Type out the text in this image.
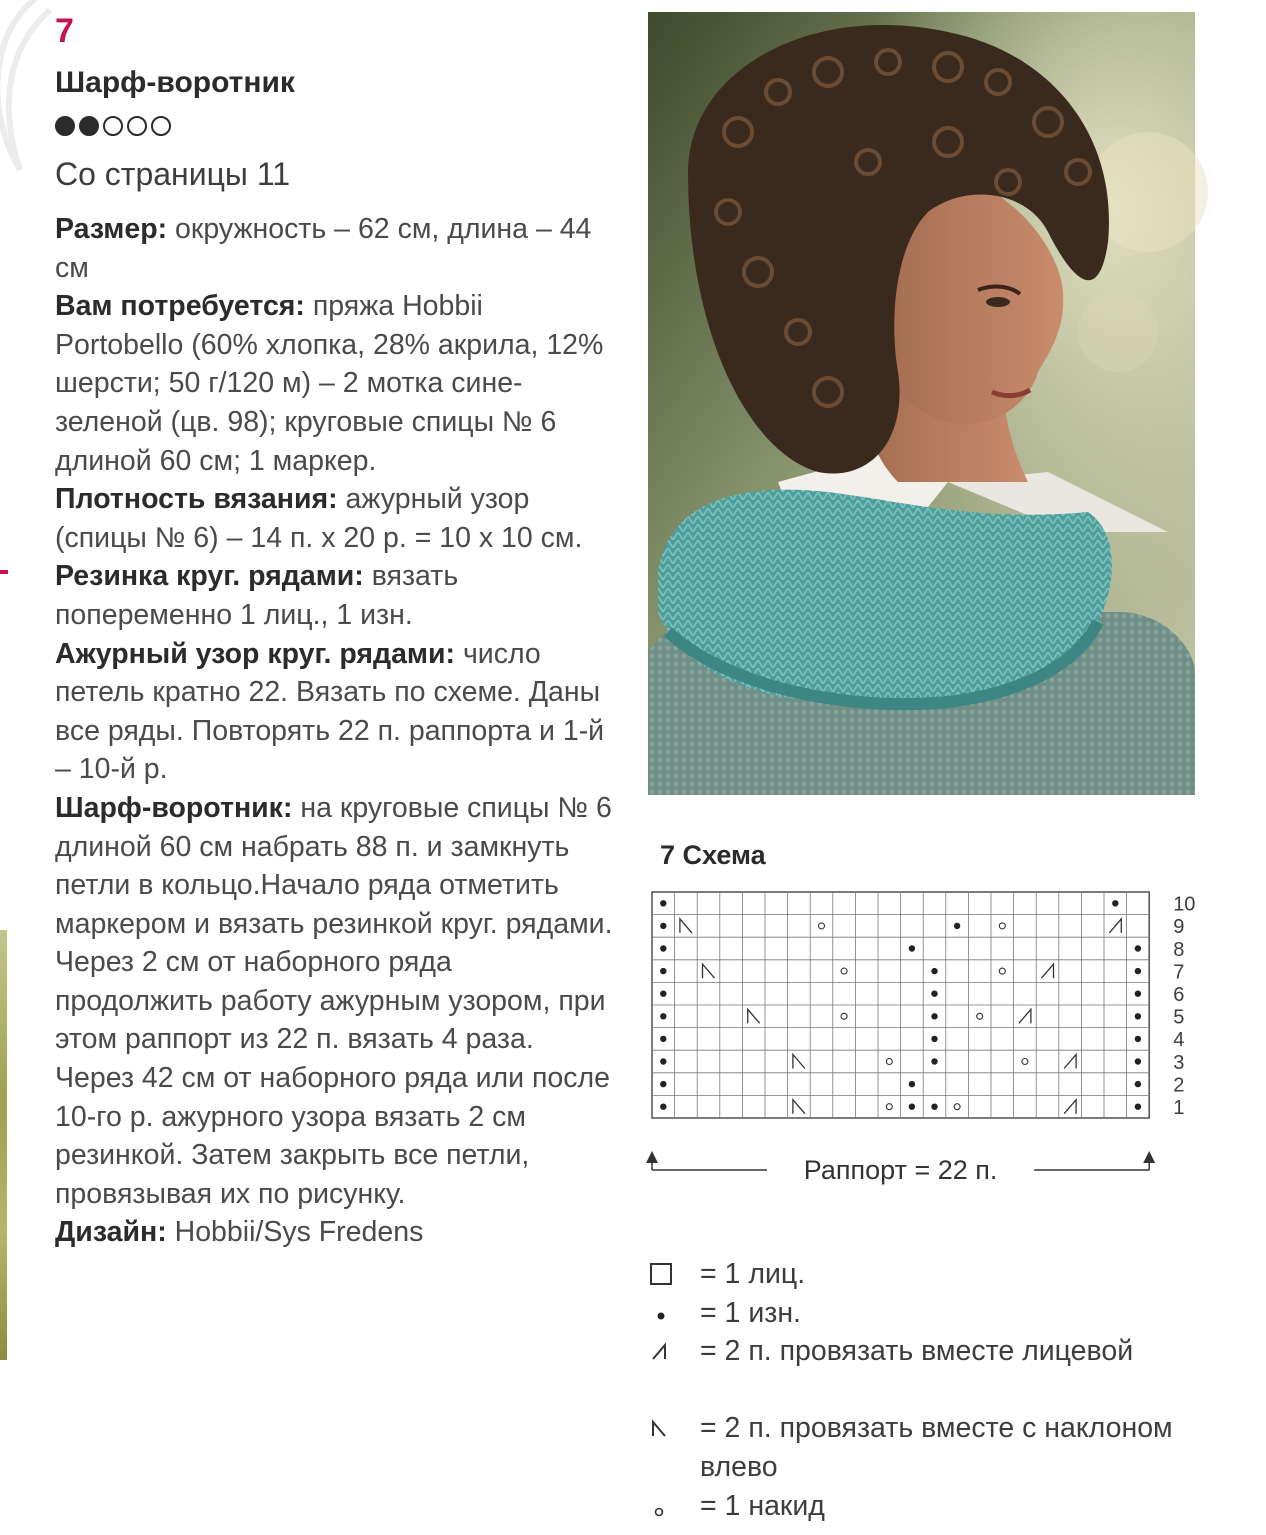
7
Шарф-воротник
Со страницы 11

Размер: окружность – 62 см, длина – 44 см

Вам потребуется: пряжа Hobbii Portobello (60% хлопка, 28% акрила, 12% шерсти; 50 г/120 м) – 2 мотка сине-зеленой (цв. 98); круговые спицы № 6 длиной 60 см; 1 маркер.

Плотность вязания: ажурный узор (спицы № 6) – 14 п. х 20 р. = 10 х 10 см.

Резинка круг. рядами: вязать попеременно 1 лиц., 1 изн.

Ажурный узор круг. рядами: число петель кратно 22. Вязать по схеме. Даны все ряды. Повторять 22 п. раппорта и 1-й – 10-й р.

Шарф-воротник: на круговые спицы № 6 длиной 60 см набрать 88 п. и замкнуть петли в кольцо.Начало ряда отметить маркером и вязать резинкой круг. рядами. Через 2 см от наборного ряда продолжить работу ажурным узором, при этом раппорт из 22 п. вязать 4 раза. Через 42 см от наборного ряда или после 10-го р. ажурного узора вязать 2 см резинкой. Затем закрыть все петли, провязывая их по рисунку.

Дизайн: Hobbii/Sys Fredens

7 Схема
1
2
3
4
5
6
7
8
9
10
Раппорт = 22 п.
= 1 лиц.
= 1 изн.
= 2 п. провязать вместе лицевой
= 2 п. провязать вместе с наклоном влево
= 1 накид
